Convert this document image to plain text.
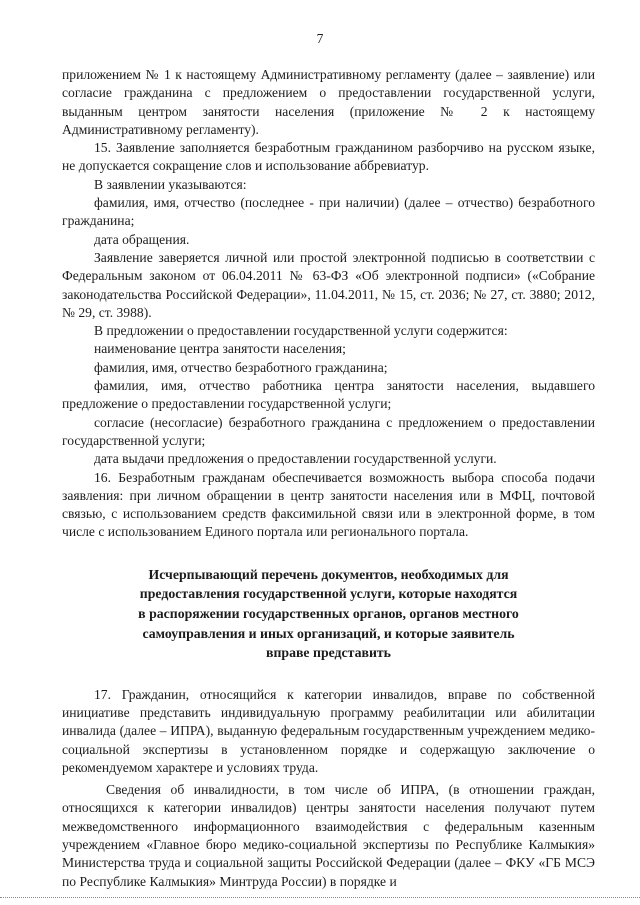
7

приложением № 1 к настоящему Административному регламенту (далее – заявление) или согласие гражданина с предложением о предоставлении государственной услуги, выданным центром занятости населения (приложение № 2 к настоящему Административному регламенту).

15. Заявление заполняется безработным гражданином разборчиво на русском языке, не допускается сокращение слов и использование аббревиатур.

В заявлении указываются:

фамилия, имя, отчество (последнее - при наличии) (далее – отчество) безработного гражданина;

дата обращения.

Заявление заверяется личной или простой электронной подписью в соответствии с Федеральным законом от 06.04.2011 № 63-ФЗ «Об электронной подписи» («Собрание законодательства Российской Федерации», 11.04.2011, № 15, ст. 2036; № 27, ст. 3880; 2012, № 29, ст. 3988).

В предложении о предоставлении государственной услуги содержится:

наименование центра занятости населения;

фамилия, имя, отчество безработного гражданина;

фамилия, имя, отчество работника центра занятости населения, выдавшего предложение о предоставлении государственной услуги;

согласие (несогласие) безработного гражданина с предложением о предоставлении государственной услуги;

дата выдачи предложения о предоставлении государственной услуги.

16. Безработным гражданам обеспечивается возможность выбора способа подачи заявления: при личном обращении в центр занятости населения или в МФЦ, почтовой связью, с использованием средств факсимильной связи или в электронной форме, в том числе с использованием Единого портала или регионального портала.

Исчерпывающий перечень документов, необходимых для

предоставления государственной услуги, которые находятся

в распоряжении государственных органов, органов местного

самоуправления и иных организаций, и которые заявитель

вправе представить

17. Гражданин, относящийся к категории инвалидов, вправе по собственной инициативе представить индивидуальную программу реабилитации или абилитации инвалида (далее – ИПРА), выданную федеральным государственным учреждением медико-социальной экспертизы в установленном порядке и содержащую заключение о рекомендуемом характере и условиях труда.

Сведения об инвалидности, в том числе об ИПРА, (в отношении граждан, относящихся к категории инвалидов) центры занятости населения получают путем межведомственного информационного взаимодействия с федеральным казенным учреждением «Главное бюро медико-социальной экспертизы по Республике Калмыкия» Министерства труда и социальной защиты Российской Федерации (далее – ФКУ «ГБ МСЭ по Республике Калмыкия» Минтруда России) в порядке и
